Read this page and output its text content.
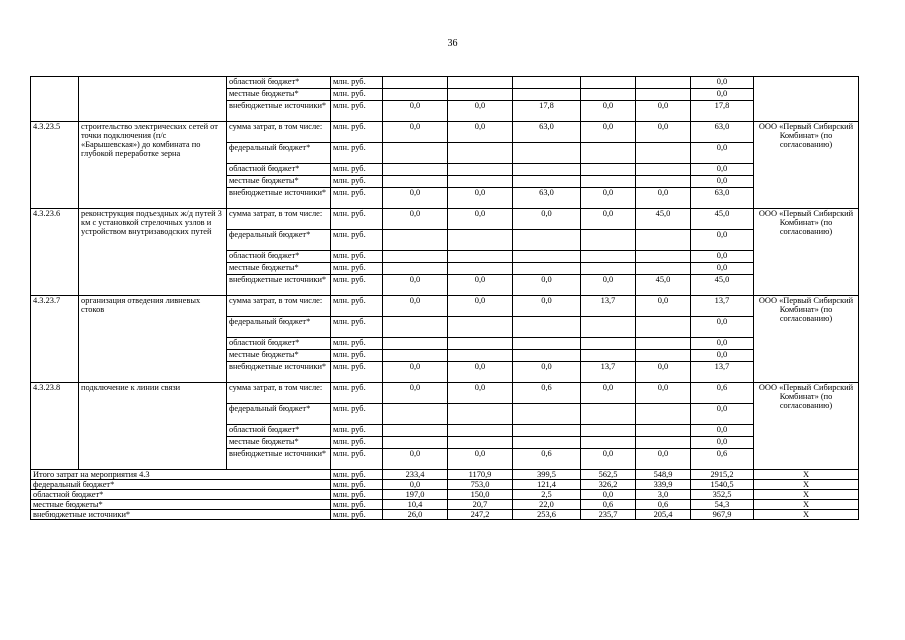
36
		областной бюджет*	млн. руб.						0,0	
		местные бюджеты*	млн. руб.						0,0	
		внебюджетные источники*	млн. руб.	0,0	0,0	17,8	0,0	0,0	17,8	
4.3.23.5	строительство электрических сетей от точки подключения (п/с «Барышевская») до комбината по глубокой переработке зерна	сумма затрат, в том числе:	млн. руб.	0,0	0,0	63,0	0,0	0,0	63,0	ООО «Первый Сибирский Комбинат» (по согласованию)
		федеральный бюджет*	млн. руб.						0,0	
		областной бюджет*	млн. руб.						0,0	
		местные бюджеты*	млн. руб.						0,0	
		внебюджетные источники*	млн. руб.	0,0	0,0	63,0	0,0	0,0	63,0	
4.3.23.6	реконструкция подъездных ж/д путей 3 км с установкой стрелочных узлов и устройством внутризаводских путей	сумма затрат, в том числе:	млн. руб.	0,0	0,0	0,0	0,0	45,0	45,0	ООО «Первый Сибирский Комбинат» (по согласованию)
		федеральный бюджет*	млн. руб.						0,0	
		областной бюджет*	млн. руб.						0,0	
		местные бюджеты*	млн. руб.						0,0	
		внебюджетные источники*	млн. руб.	0,0	0,0	0,0	0,0	45,0	45,0	
4.3.23.7	организация отведения ливневых стоков	сумма затрат, в том числе:	млн. руб.	0,0	0,0	0,0	13,7	0,0	13,7	ООО «Первый Сибирский Комбинат» (по согласованию)
		федеральный бюджет*	млн. руб.						0,0	
		областной бюджет*	млн. руб.						0,0	
		местные бюджеты*	млн. руб.						0,0	
		внебюджетные источники*	млн. руб.	0,0	0,0	0,0	13,7	0,0	13,7	
4.3.23.8	подключение к линии связи	сумма затрат, в том числе:	млн. руб.	0,0	0,0	0,6	0,0	0,0	0,6	ООО «Первый Сибирский Комбинат» (по согласованию)
		федеральный бюджет*	млн. руб.						0,0	
		областной бюджет*	млн. руб.						0,0	
		местные бюджеты*	млн. руб.						0,0	
		внебюджетные источники*	млн. руб.	0,0	0,0	0,6	0,0	0,0	0,6	
Итого затрат на мероприятия 4.3			млн. руб.	233,4	1170,9	399,5	562,5	548,9	2915,2	X
федеральный бюджет*			млн. руб.	0,0	753,0	121,4	326,2	339,9	1540,5	X
областной бюджет*			млн. руб.	197,0	150,0	2,5	0,0	3,0	352,5	X
местные бюджеты*			млн. руб.	10,4	20,7	22,0	0,6	0,6	54,3	X
внебюджетные источники*			млн. руб.	26,0	247,2	253,6	235,7	205,4	967,9	X
